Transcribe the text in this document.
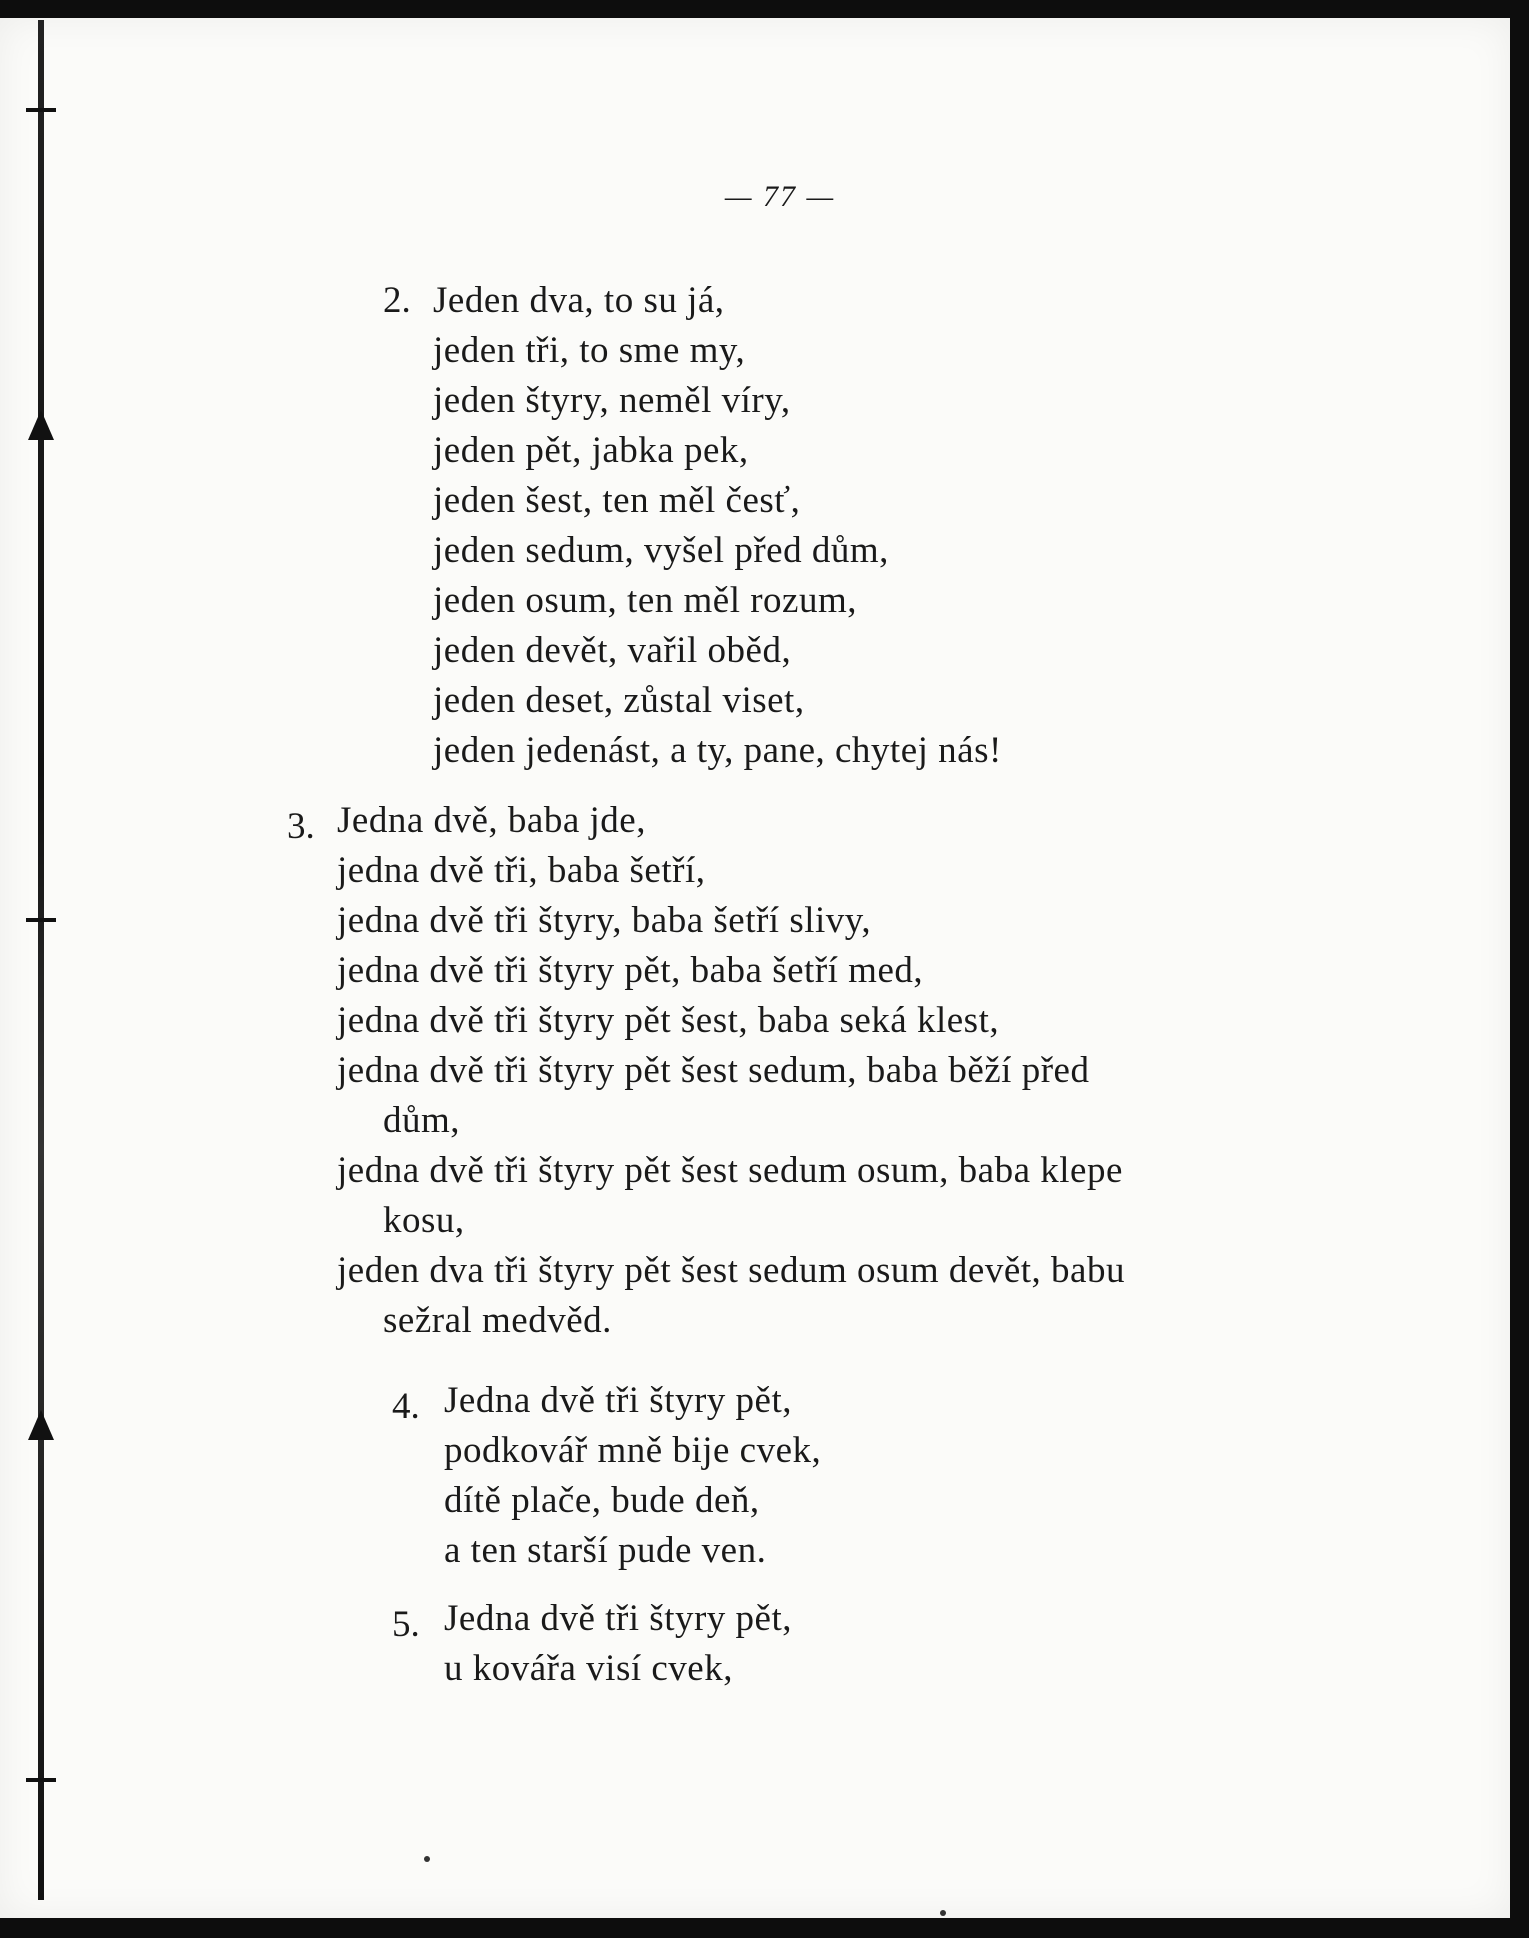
— 77 —
2. Jeden dva, to su já,
jeden tři, to sme my,
jeden štyry, neměl víry,
jeden pět, jabka pek,
jeden šest, ten měl česť,
jeden sedum, vyšel před dům,
jeden osum, ten měl rozum,
jeden devět, vařil oběd,
jeden deset, zůstal viset,
jeden jedenást, a ty, pane, chytej nás!
3. Jedna dvě, baba jde,
jedna dvě tři, baba šetří,
jedna dvě tři štyry, baba šetří slivy,
jedna dvě tři štyry pět, baba šetří med,
jedna dvě tři štyry pět šest, baba seká klest,
jedna dvě tři štyry pět šest sedum, baba běží před
dům,
jedna dvě tři štyry pět šest sedum osum, baba klepe
kosu,
jeden dva tři štyry pět šest sedum osum devět, babu
sežral medvěd.
4. Jedna dvě tři štyry pět,
podkovář mně bije cvek,
dítě plače, bude deň,
a ten starší pude ven.
5. Jedna dvě tři štyry pět,
u kovářa visí cvek,
